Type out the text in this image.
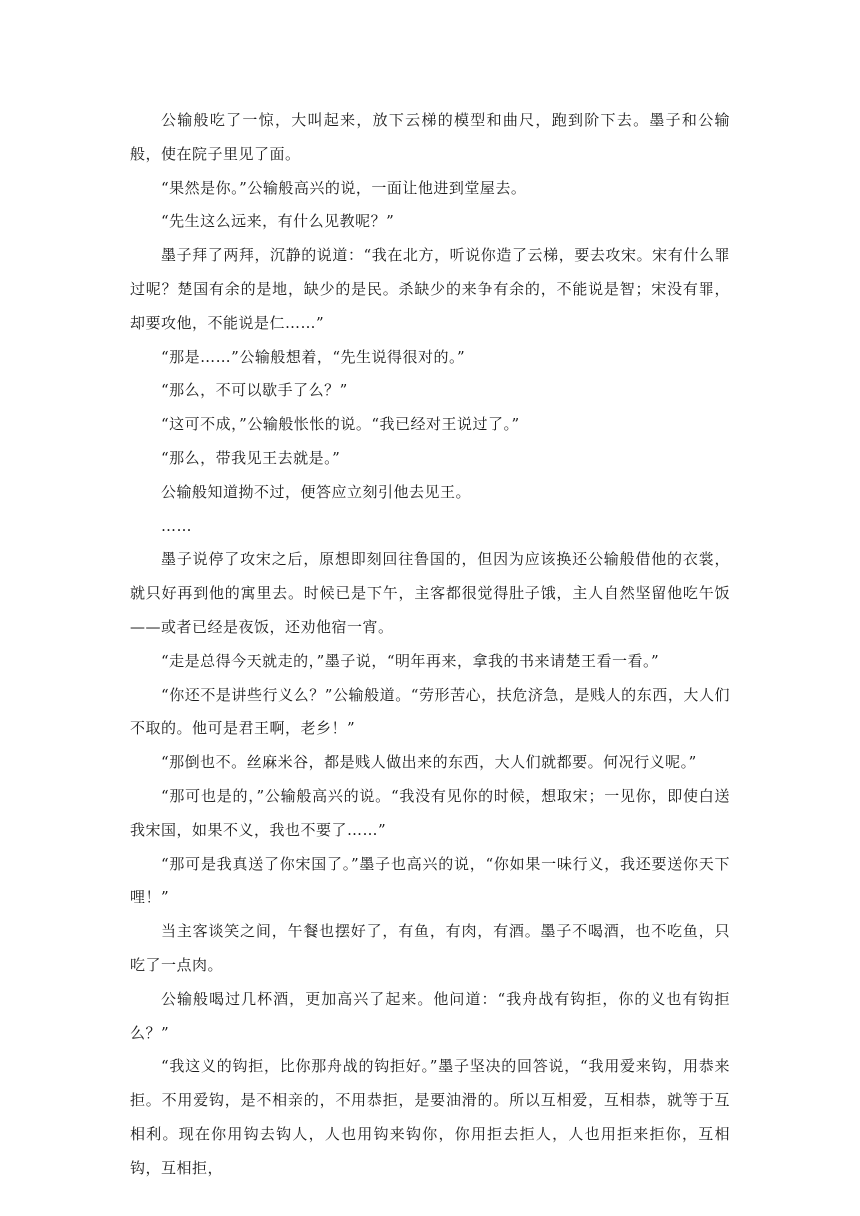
公输般吃了一惊，大叫起来，放下云梯的模型和曲尺，跑到阶下去。墨子和公输般，使在院子里见了面。

“果然是你。”公输般高兴的说，一面让他进到堂屋去。

“先生这么远来，有什么见教呢？”

墨子拜了两拜，沉静的说道：“我在北方，听说你造了云梯，要去攻宋。宋有什么罪过呢？楚国有余的是地，缺少的是民。杀缺少的来争有余的，不能说是智；宋没有罪，却要攻他，不能说是仁……”

“那是……”公输般想着，“先生说得很对的。”

“那么，不可以歇手了么？”

“这可不成，”公输般怅怅的说。“我已经对王说过了。”

“那么，带我见王去就是。”

公输般知道拗不过，便答应立刻引他去见王。

……

墨子说停了攻宋之后，原想即刻回往鲁国的，但因为应该换还公输般借他的衣裳，就只好再到他的寓里去。时候已是下午，主客都很觉得肚子饿，主人自然坚留他吃午饭——或者已经是夜饭，还劝他宿一宵。

“走是总得今天就走的，”墨子说，“明年再来，拿我的书来请楚王看一看。”

“你还不是讲些行义么？”公输般道。“劳形苦心，扶危济急，是贱人的东西，大人们不取的。他可是君王啊，老乡！”

“那倒也不。丝麻米谷，都是贱人做出来的东西，大人们就都要。何况行义呢。”

“那可也是的，”公输般高兴的说。“我没有见你的时候，想取宋；一见你，即使白送我宋国，如果不义，我也不要了……”

“那可是我真送了你宋国了。”墨子也高兴的说，“你如果一味行义，我还要送你天下哩！”

当主客谈笑之间，午餐也摆好了，有鱼，有肉，有酒。墨子不喝酒，也不吃鱼，只吃了一点肉。

公输般喝过几杯酒，更加高兴了起来。他问道：“我舟战有钩拒，你的义也有钩拒么？”

“我这义的钩拒，比你那舟战的钩拒好。”墨子坚决的回答说，“我用爱来钩，用恭来拒。不用爱钩，是不相亲的，不用恭拒，是要油滑的。所以互相爱，互相恭，就等于互相利。现在你用钩去钩人，人也用钩来钩你，你用拒去拒人，人也用拒来拒你，互相钩，互相拒，
